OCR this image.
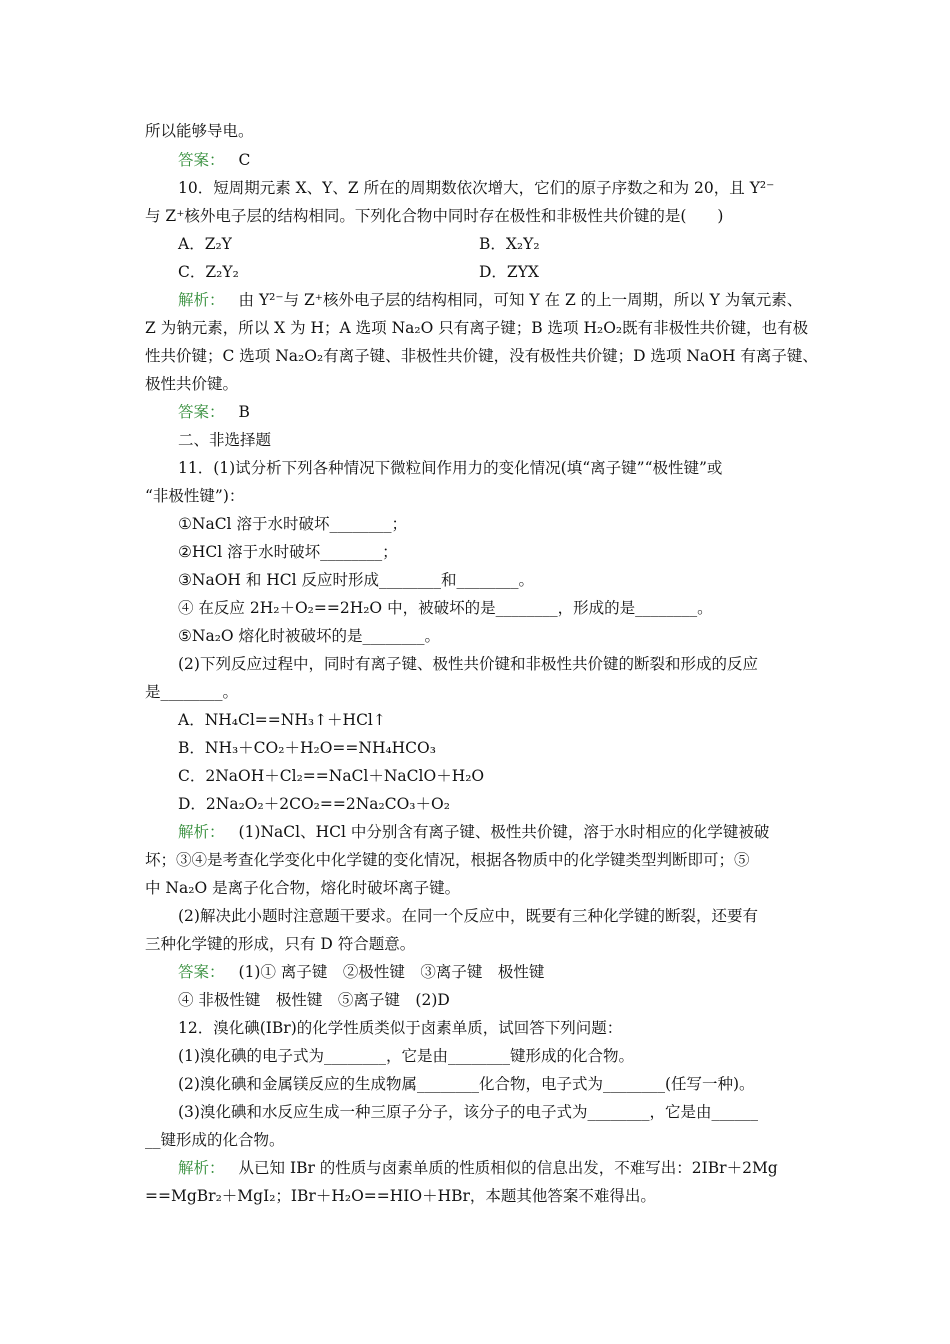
所以能够导电。
答案： C
10．短周期元素 X、Y、Z 所在的周期数依次增大，它们的原子序数之和为 20，且 Y²⁻
与 Z⁺核外电子层的结构相同。下列化合物中同时存在极性和非极性共价键的是(　　)
A．Z₂Y	B．X₂Y₂
C．Z₂Y₂	D．ZYX
解析： 由 Y²⁻与 Z⁺核外电子层的结构相同，可知 Y 在 Z 的上一周期，所以 Y 为氧元素、
Z 为钠元素，所以 X 为 H；A 选项 Na₂O 只有离子键；B 选项 H₂O₂既有非极性共价键，也有极
性共价键；C 选项 Na₂O₂有离子键、非极性共价键，没有极性共价键；D 选项 NaOH 有离子键、
极性共价键。
答案： B
二、非选择题
11．(1)试分析下列各种情况下微粒间作用力的变化情况(填“离子键”“极性键”或
“非极性键”)：
①NaCl 溶于水时破坏________；
②HCl 溶于水时破坏________；
③NaOH 和 HCl 反应时形成________和________。
④ 在反应 2H₂＋O₂==2H₂O 中，被破坏的是________，形成的是________。
⑤Na₂O 熔化时被破坏的是________。
(2)下列反应过程中，同时有离子键、极性共价键和非极性共价键的断裂和形成的反应
是________。
A．NH₄Cl==NH₃↑＋HCl↑
B．NH₃＋CO₂＋H₂O==NH₄HCO₃
C．2NaOH＋Cl₂==NaCl＋NaClO＋H₂O
D．2Na₂O₂＋2CO₂==2Na₂CO₃＋O₂
解析： (1)NaCl、HCl 中分别含有离子键、极性共价键，溶于水时相应的化学键被破
坏；③④是考查化学变化中化学键的变化情况，根据各物质中的化学键类型判断即可；⑤
中 Na₂O 是离子化合物，熔化时破坏离子键。
(2)解决此小题时注意题干要求。在同一个反应中，既要有三种化学键的断裂，还要有
三种化学键的形成，只有 D 符合题意。
答案： (1)① 离子键　②极性键　③离子键　极性键
④ 非极性键　极性键　⑤离子键　(2)D
12．溴化碘(IBr)的化学性质类似于卤素单质，试回答下列问题：
(1)溴化碘的电子式为________，它是由________键形成的化合物。
(2)溴化碘和金属镁反应的生成物属________化合物，电子式为________(任写一种)。
(3)溴化碘和水反应生成一种三原子分子，该分子的电子式为________，它是由______
__键形成的化合物。
解析： 从已知 IBr 的性质与卤素单质的性质相似的信息出发，不难写出：2IBr＋2Mg
==MgBr₂＋MgI₂；IBr＋H₂O==HIO＋HBr，本题其他答案不难得出。
